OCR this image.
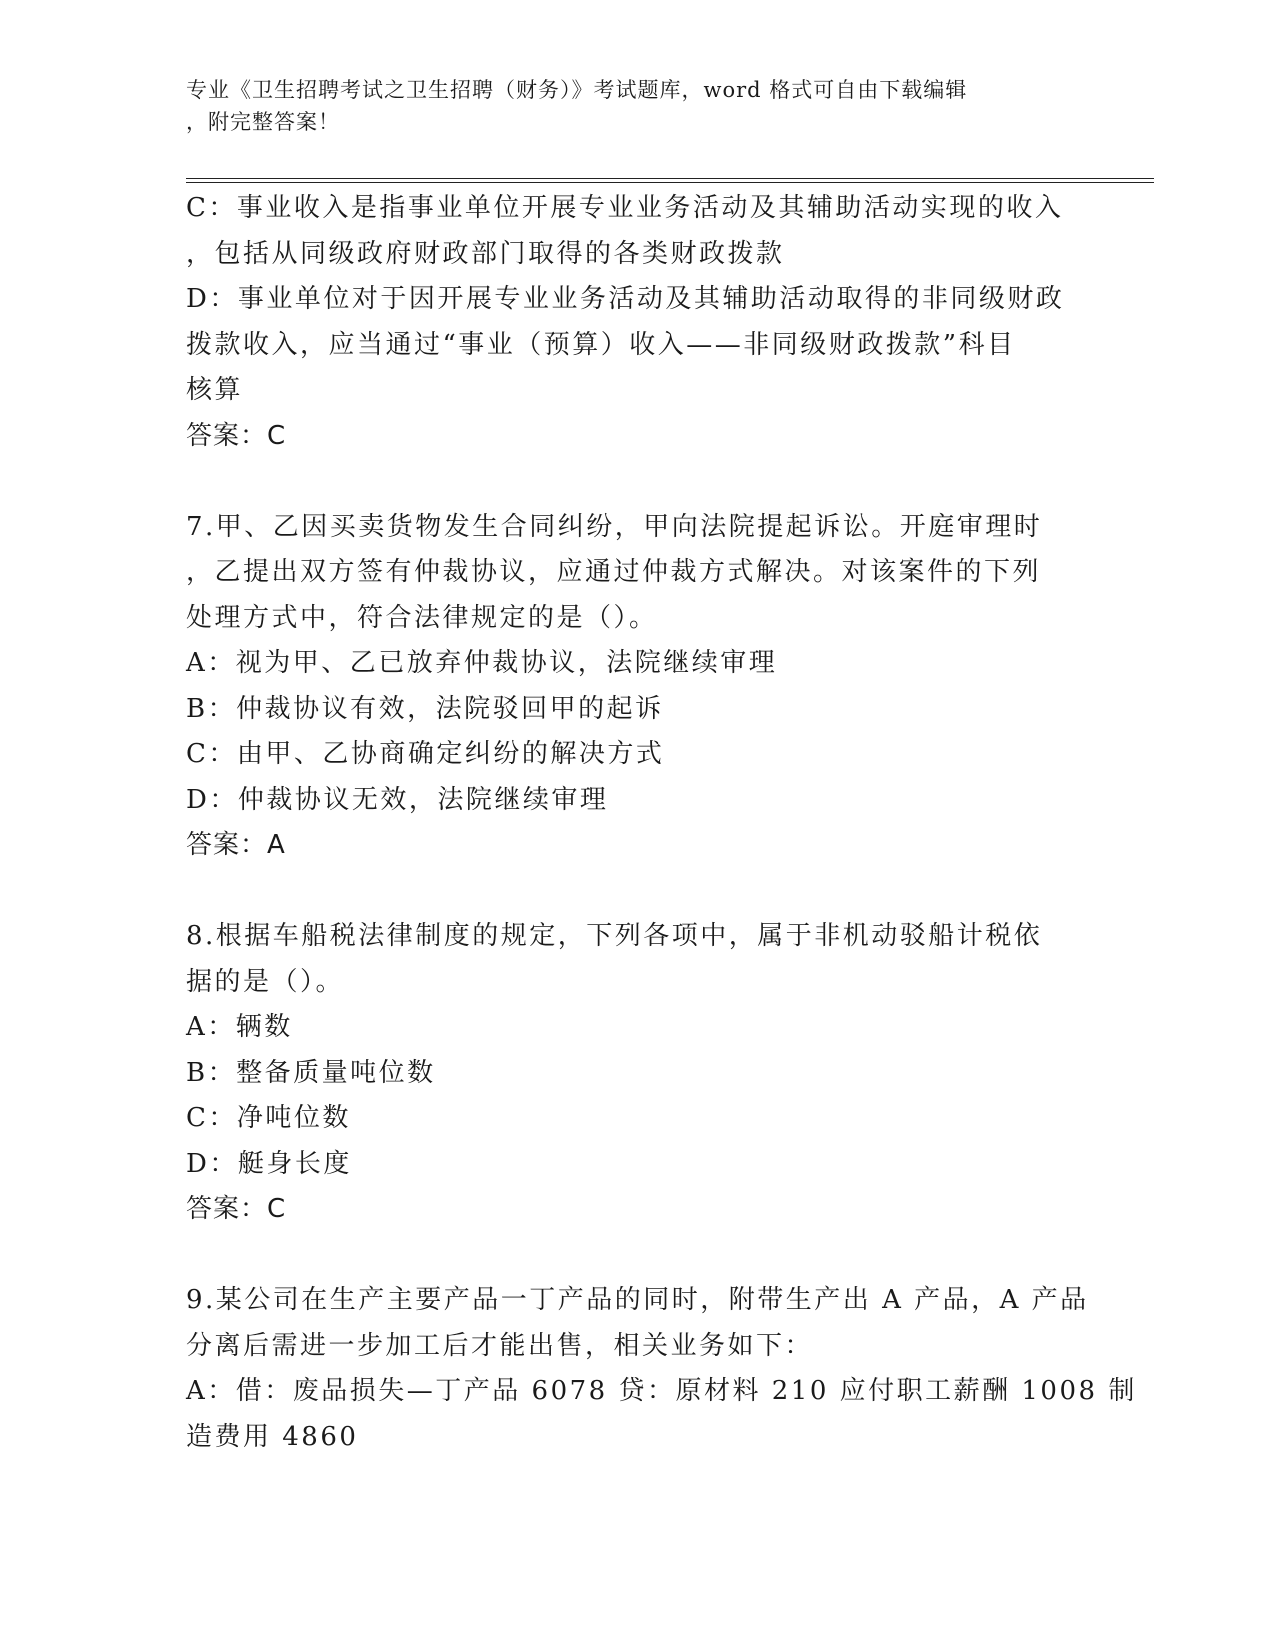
专业《卫生招聘考试之卫生招聘（财务）》考试题库，word 格式可自由下载编辑
，附完整答案！
C：事业收入是指事业单位开展专业业务活动及其辅助活动实现的收入
，包括从同级政府财政部门取得的各类财政拨款
D：事业单位对于因开展专业业务活动及其辅助活动取得的非同级财政
拨款收入，应当通过“事业（预算）收入——非同级财政拨款”科目
核算
答案：C
7.甲、乙因买卖货物发生合同纠纷，甲向法院提起诉讼。开庭审理时
，乙提出双方签有仲裁协议，应通过仲裁方式解决。对该案件的下列
处理方式中，符合法律规定的是（）。
A：视为甲、乙已放弃仲裁协议，法院继续审理
B：仲裁协议有效，法院驳回甲的起诉
C：由甲、乙协商确定纠纷的解决方式
D：仲裁协议无效，法院继续审理
答案：A
8.根据车船税法律制度的规定，下列各项中，属于非机动驳船计税依
据的是（）。
A：辆数
B：整备质量吨位数
C：净吨位数
D：艇身长度
答案：C
9.某公司在生产主要产品一丁产品的同时，附带生产出 A 产品，A 产品
分离后需进一步加工后才能出售，相关业务如下：
A：借：废品损失—丁产品 6078 贷：原材料 210 应付职工薪酬 1008 制
造费用 4860
